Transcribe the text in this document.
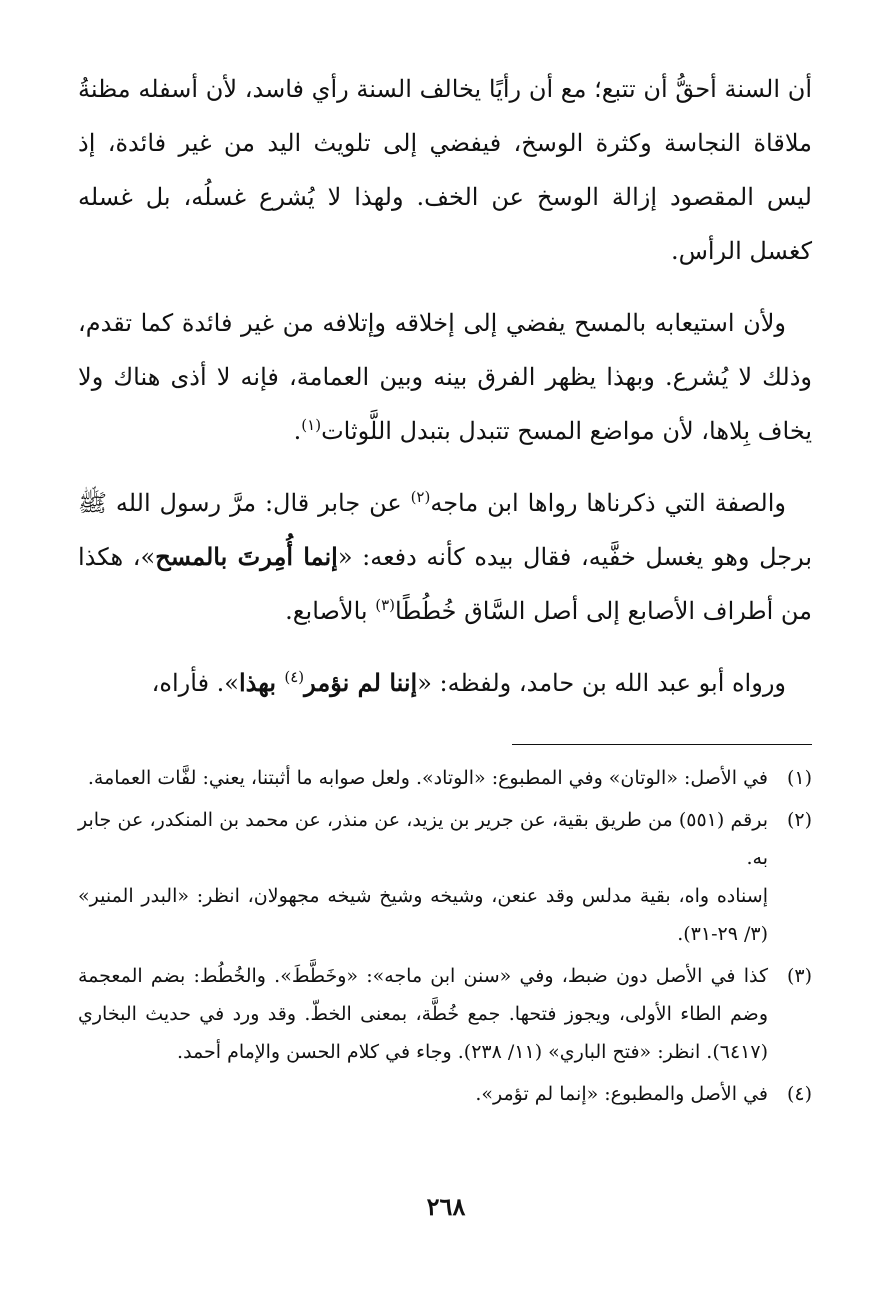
أن السنة أحقُّ أن تتبع؛ مع أن رأيًا يخالف السنة رأي فاسد، لأن أسفله مظنةُ ملاقاة النجاسة وكثرة الوسخ، فيفضي إلى تلويث اليد من غير فائدة، إذ ليس المقصود إزالة الوسخ عن الخف. ولهذا لا يُشرع غسلُه، بل غسله كغسل الرأس.

ولأن استيعابه بالمسح يفضي إلى إخلاقه وإتلافه من غير فائدة كما تقدم، وذلك لا يُشرع. وبهذا يظهر الفرق بينه وبين العمامة، فإنه لا أذى هناك ولا يخاف بِلاها، لأن مواضع المسح تتبدل بتبدل اللَّوثات$^{(١)}$.

والصفة التي ذكرناها رواها ابن ماجه$^{(٢)}$ عن جابر قال: مرَّ رسول الله ﷺ برجل وهو يغسل خفَّيه، فقال بيده كأنه دفعه: «إنما أُمِرتَ بالمسح»، هكذا من أطراف الأصابع إلى أصل السَّاق خُطُطًا$^{(٣)}$ بالأصابع.

ورواه أبو عبد الله بن حامد، ولفظه: «إننا لم نؤمر$^{(٤)}$ بهذا». فأراه،

(١)
في الأصل: «الوتان» وفي المطبوع: «الوتاد». ولعل صوابه ما أثبتنا، يعني: لفَّات العمامة.
(٢)
برقم (٥٥١) من طريق بقية، عن جرير بن يزيد، عن منذر، عن محمد بن المنكدر، عن جابر به.
إسناده واه، بقية مدلس وقد عنعن، وشيخه وشيخ شيخه مجهولان، انظر: «البدر المنير» (٣/ ٢٩-٣١).
(٣)
كذا في الأصل دون ضبط، وفي «سنن ابن ماجه»: «وخَطَّطَ». والخُطُط: بضم المعجمة وضم الطاء الأولى، ويجوز فتحها. جمع خُطَّة، بمعنى الخطّ. وقد ورد في حديث البخاري (٦٤١٧). انظر: «فتح الباري» (١١/ ٢٣٨). وجاء في كلام الحسن والإمام أحمد.
(٤)
في الأصل والمطبوع: «إنما لم تؤمر».
٢٦٨
